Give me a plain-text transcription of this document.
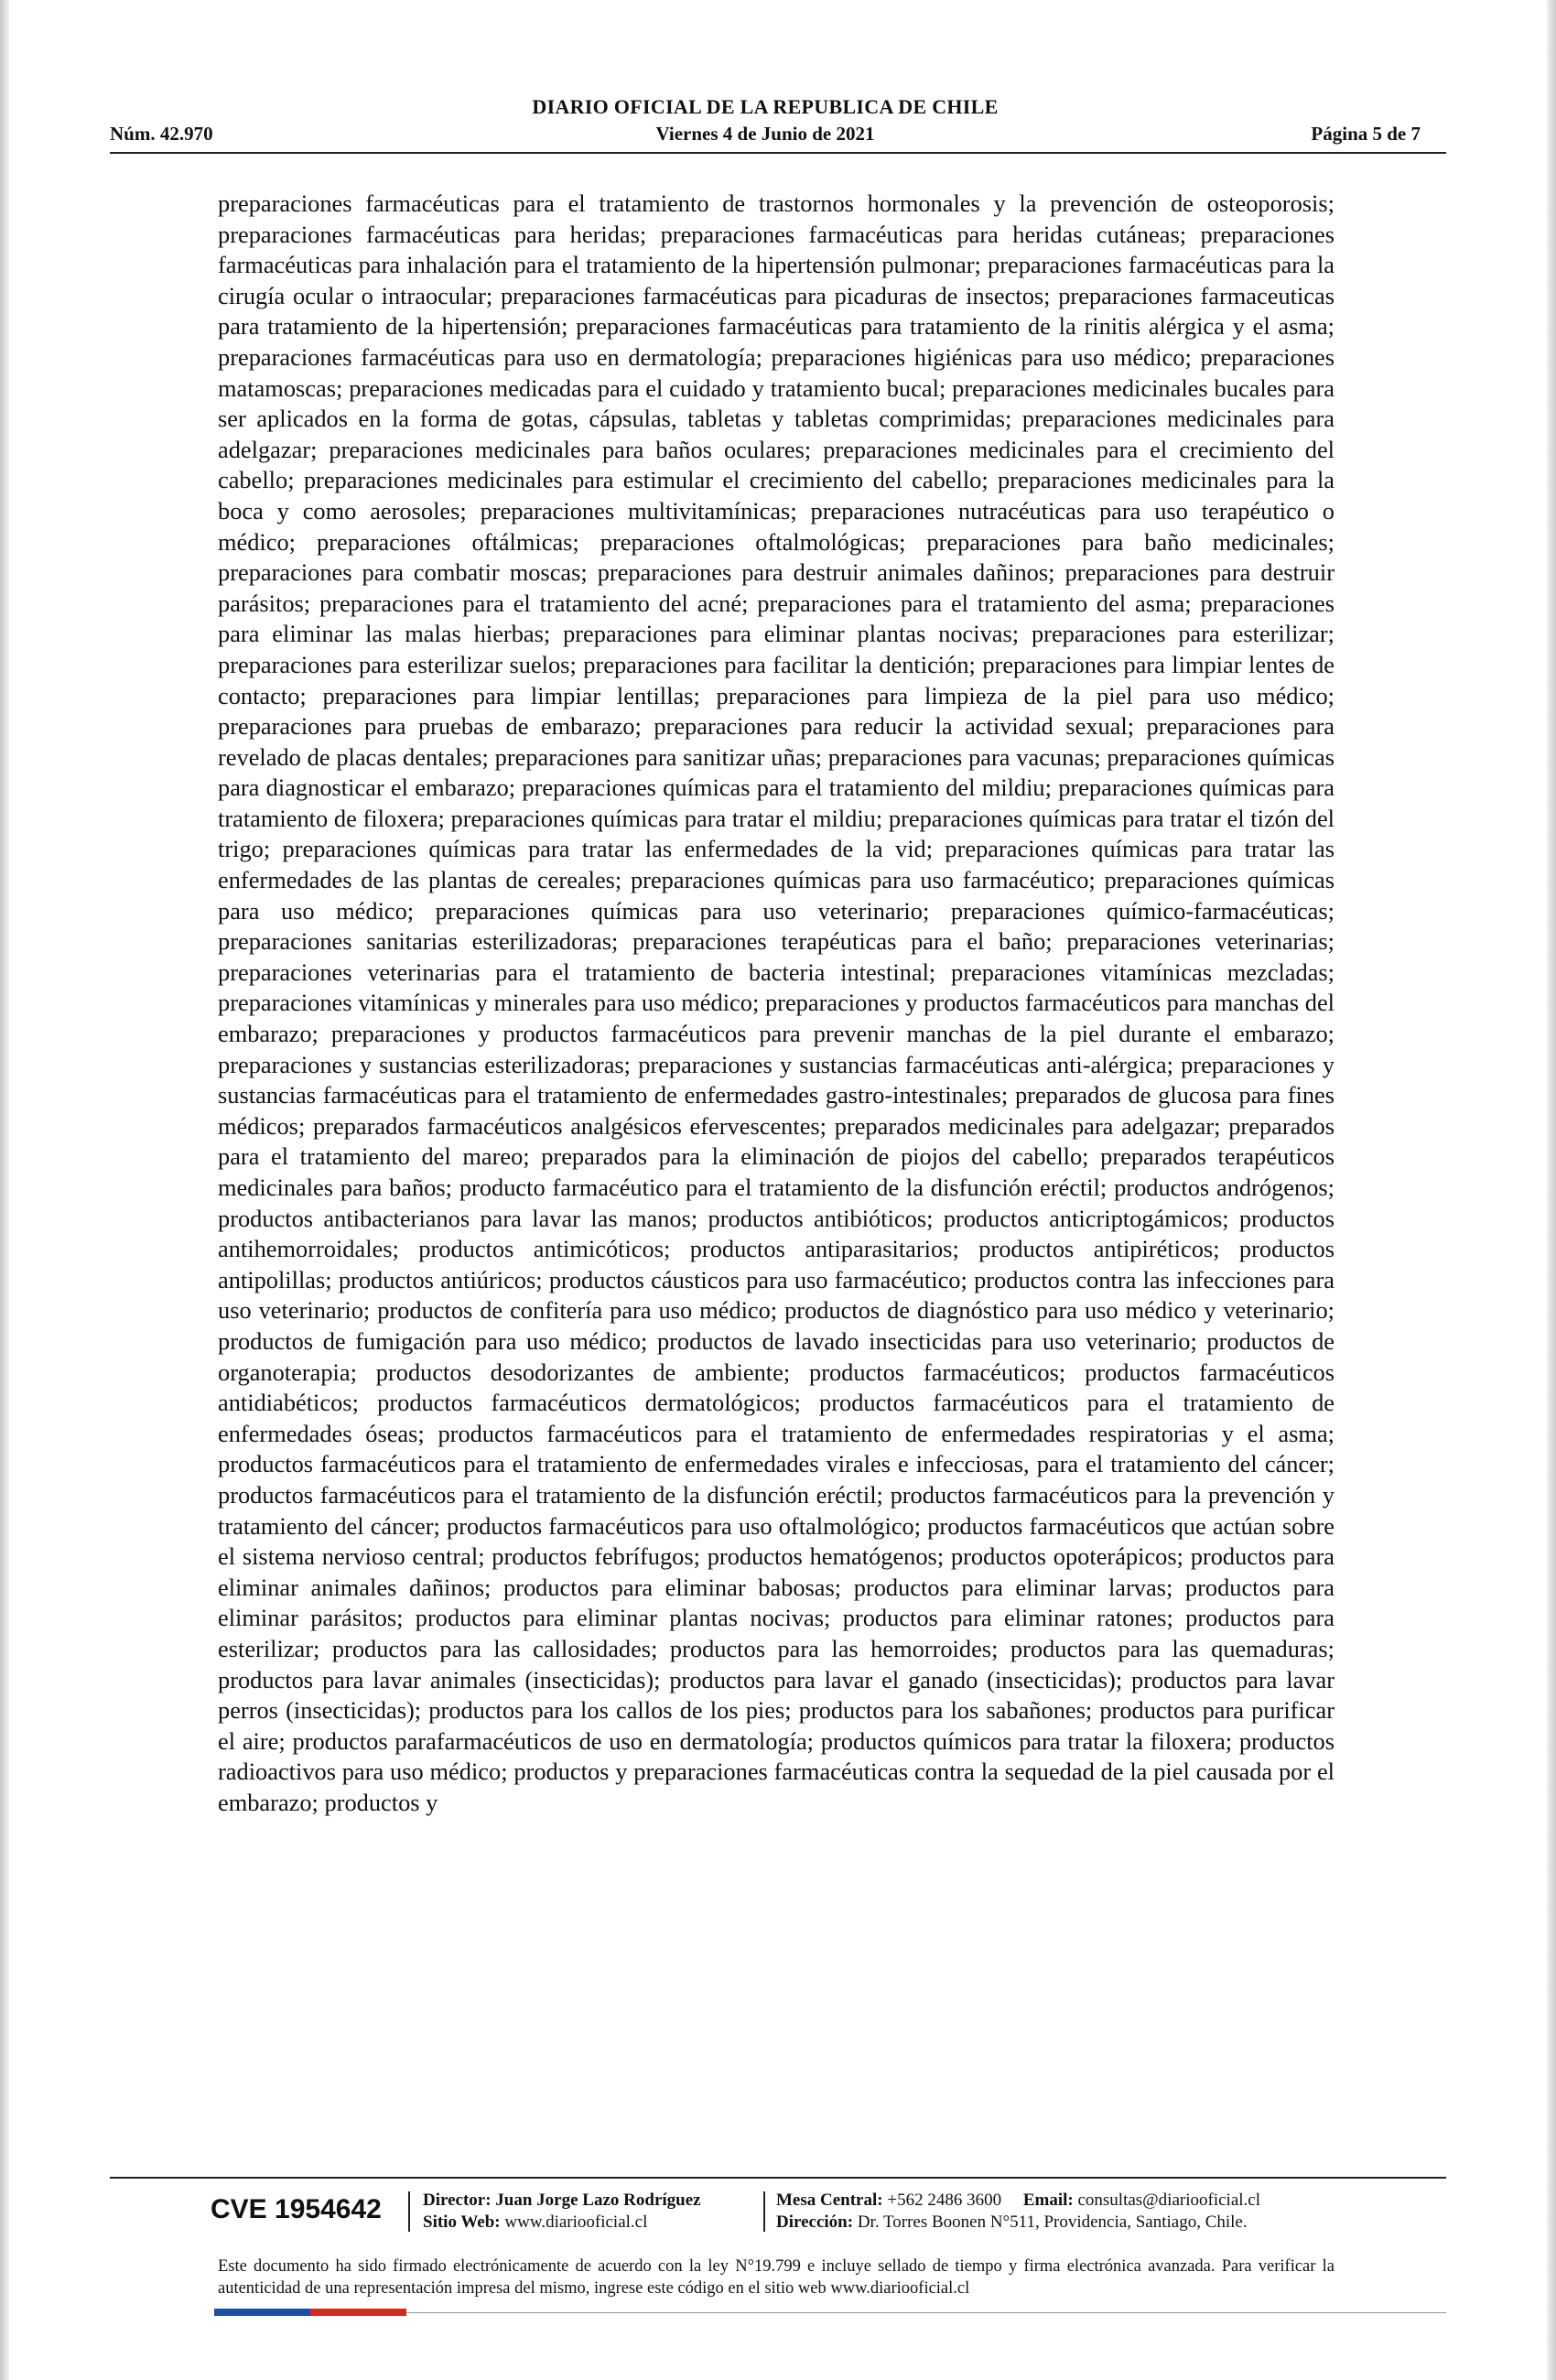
DIARIO OFICIAL DE LA REPUBLICA DE CHILE
Núm. 42.970	Viernes 4 de Junio de 2021	Página 5 de 7

preparaciones farmacéuticas para el tratamiento de trastornos hormonales y la prevención de osteoporosis; preparaciones farmacéuticas para heridas; preparaciones farmacéuticas para heridas cutáneas; preparaciones farmacéuticas para inhalación para el tratamiento de la hipertensión pulmonar; preparaciones farmacéuticas para la cirugía ocular o intraocular; preparaciones farmacéuticas para picaduras de insectos; preparaciones farmaceuticas para tratamiento de la hipertensión; preparaciones farmacéuticas para tratamiento de la rinitis alérgica y el asma; preparaciones farmacéuticas para uso en dermatología; preparaciones higiénicas para uso médico; preparaciones matamoscas; preparaciones medicadas para el cuidado y tratamiento bucal; preparaciones medicinales bucales para ser aplicados en la forma de gotas, cápsulas, tabletas y tabletas comprimidas; preparaciones medicinales para adelgazar; preparaciones medicinales para baños oculares; preparaciones medicinales para el crecimiento del cabello; preparaciones medicinales para estimular el crecimiento del cabello; preparaciones medicinales para la boca y como aerosoles; preparaciones multivitamínicas; preparaciones nutracéuticas para uso terapéutico o médico; preparaciones oftálmicas; preparaciones oftalmológicas; preparaciones para baño medicinales; preparaciones para combatir moscas; preparaciones para destruir animales dañinos; preparaciones para destruir parásitos; preparaciones para el tratamiento del acné; preparaciones para el tratamiento del asma; preparaciones para eliminar las malas hierbas; preparaciones para eliminar plantas nocivas; preparaciones para esterilizar; preparaciones para esterilizar suelos; preparaciones para facilitar la dentición; preparaciones para limpiar lentes de contacto; preparaciones para limpiar lentillas; preparaciones para limpieza de la piel para uso médico; preparaciones para pruebas de embarazo; preparaciones para reducir la actividad sexual; preparaciones para revelado de placas dentales; preparaciones para sanitizar uñas; preparaciones para vacunas; preparaciones químicas para diagnosticar el embarazo; preparaciones químicas para el tratamiento del mildiu; preparaciones químicas para tratamiento de filoxera; preparaciones químicas para tratar el mildiu; preparaciones químicas para tratar el tizón del trigo; preparaciones químicas para tratar las enfermedades de la vid; preparaciones químicas para tratar las enfermedades de las plantas de cereales; preparaciones químicas para uso farmacéutico; preparaciones químicas para uso médico; preparaciones químicas para uso veterinario; preparaciones químico-farmacéuticas; preparaciones sanitarias esterilizadoras; preparaciones terapéuticas para el baño; preparaciones veterinarias; preparaciones veterinarias para el tratamiento de bacteria intestinal; preparaciones vitamínicas mezcladas; preparaciones vitamínicas y minerales para uso médico; preparaciones y productos farmacéuticos para manchas del embarazo; preparaciones y productos farmacéuticos para prevenir manchas de la piel durante el embarazo; preparaciones y sustancias esterilizadoras; preparaciones y sustancias farmacéuticas anti-alérgica; preparaciones y sustancias farmacéuticas para el tratamiento de enfermedades gastro-intestinales; preparados de glucosa para fines médicos; preparados farmacéuticos analgésicos efervescentes; preparados medicinales para adelgazar; preparados para el tratamiento del mareo; preparados para la eliminación de piojos del cabello; preparados terapéuticos medicinales para baños; producto farmacéutico para el tratamiento de la disfunción eréctil; productos andrógenos; productos antibacterianos para lavar las manos; productos antibióticos; productos anticriptogámicos; productos antihemorroidales; productos antimicóticos; productos antiparasitarios; productos antipiréticos; productos antipolillas; productos antiúricos; productos cáusticos para uso farmacéutico; productos contra las infecciones para uso veterinario; productos de confitería para uso médico; productos de diagnóstico para uso médico y veterinario; productos de fumigación para uso médico; productos de lavado insecticidas para uso veterinario; productos de organoterapia; productos desodorizantes de ambiente; productos farmacéuticos; productos farmacéuticos antidiabéticos; productos farmacéuticos dermatológicos; productos farmacéuticos para el tratamiento de enfermedades óseas; productos farmacéuticos para el tratamiento de enfermedades respiratorias y el asma; productos farmacéuticos para el tratamiento de enfermedades virales e infecciosas, para el tratamiento del cáncer; productos farmacéuticos para el tratamiento de la disfunción eréctil; productos farmacéuticos para la prevención y tratamiento del cáncer; productos farmacéuticos para uso oftalmológico; productos farmacéuticos que actúan sobre el sistema nervioso central; productos febrífugos; productos hematógenos; productos opoterápicos; productos para eliminar animales dañinos; productos para eliminar babosas; productos para eliminar larvas; productos para eliminar parásitos; productos para eliminar plantas nocivas; productos para eliminar ratones; productos para esterilizar; productos para las callosidades; productos para las hemorroides; productos para las quemaduras; productos para lavar animales (insecticidas); productos para lavar el ganado (insecticidas); productos para lavar perros (insecticidas); productos para los callos de los pies; productos para los sabañones; productos para purificar el aire; productos parafarmacéuticos de uso en dermatología; productos químicos para tratar la filoxera; productos radioactivos para uso médico; productos y preparaciones farmacéuticas contra la sequedad de la piel causada por el embarazo; productos y

CVE 1954642	Director: Juan Jorge Lazo Rodríguez
Sitio Web: www.diariooficial.cl
Mesa Central: +562 2486 3600 Email: consultas@diariooficial.cl
Dirección: Dr. Torres Boonen N°511, Providencia, Santiago, Chile.

Este documento ha sido firmado electrónicamente de acuerdo con la ley N°19.799 e incluye sellado de tiempo y firma electrónica avanzada. Para verificar la autenticidad de una representación impresa del mismo, ingrese este código en el sitio web www.diariooficial.cl
